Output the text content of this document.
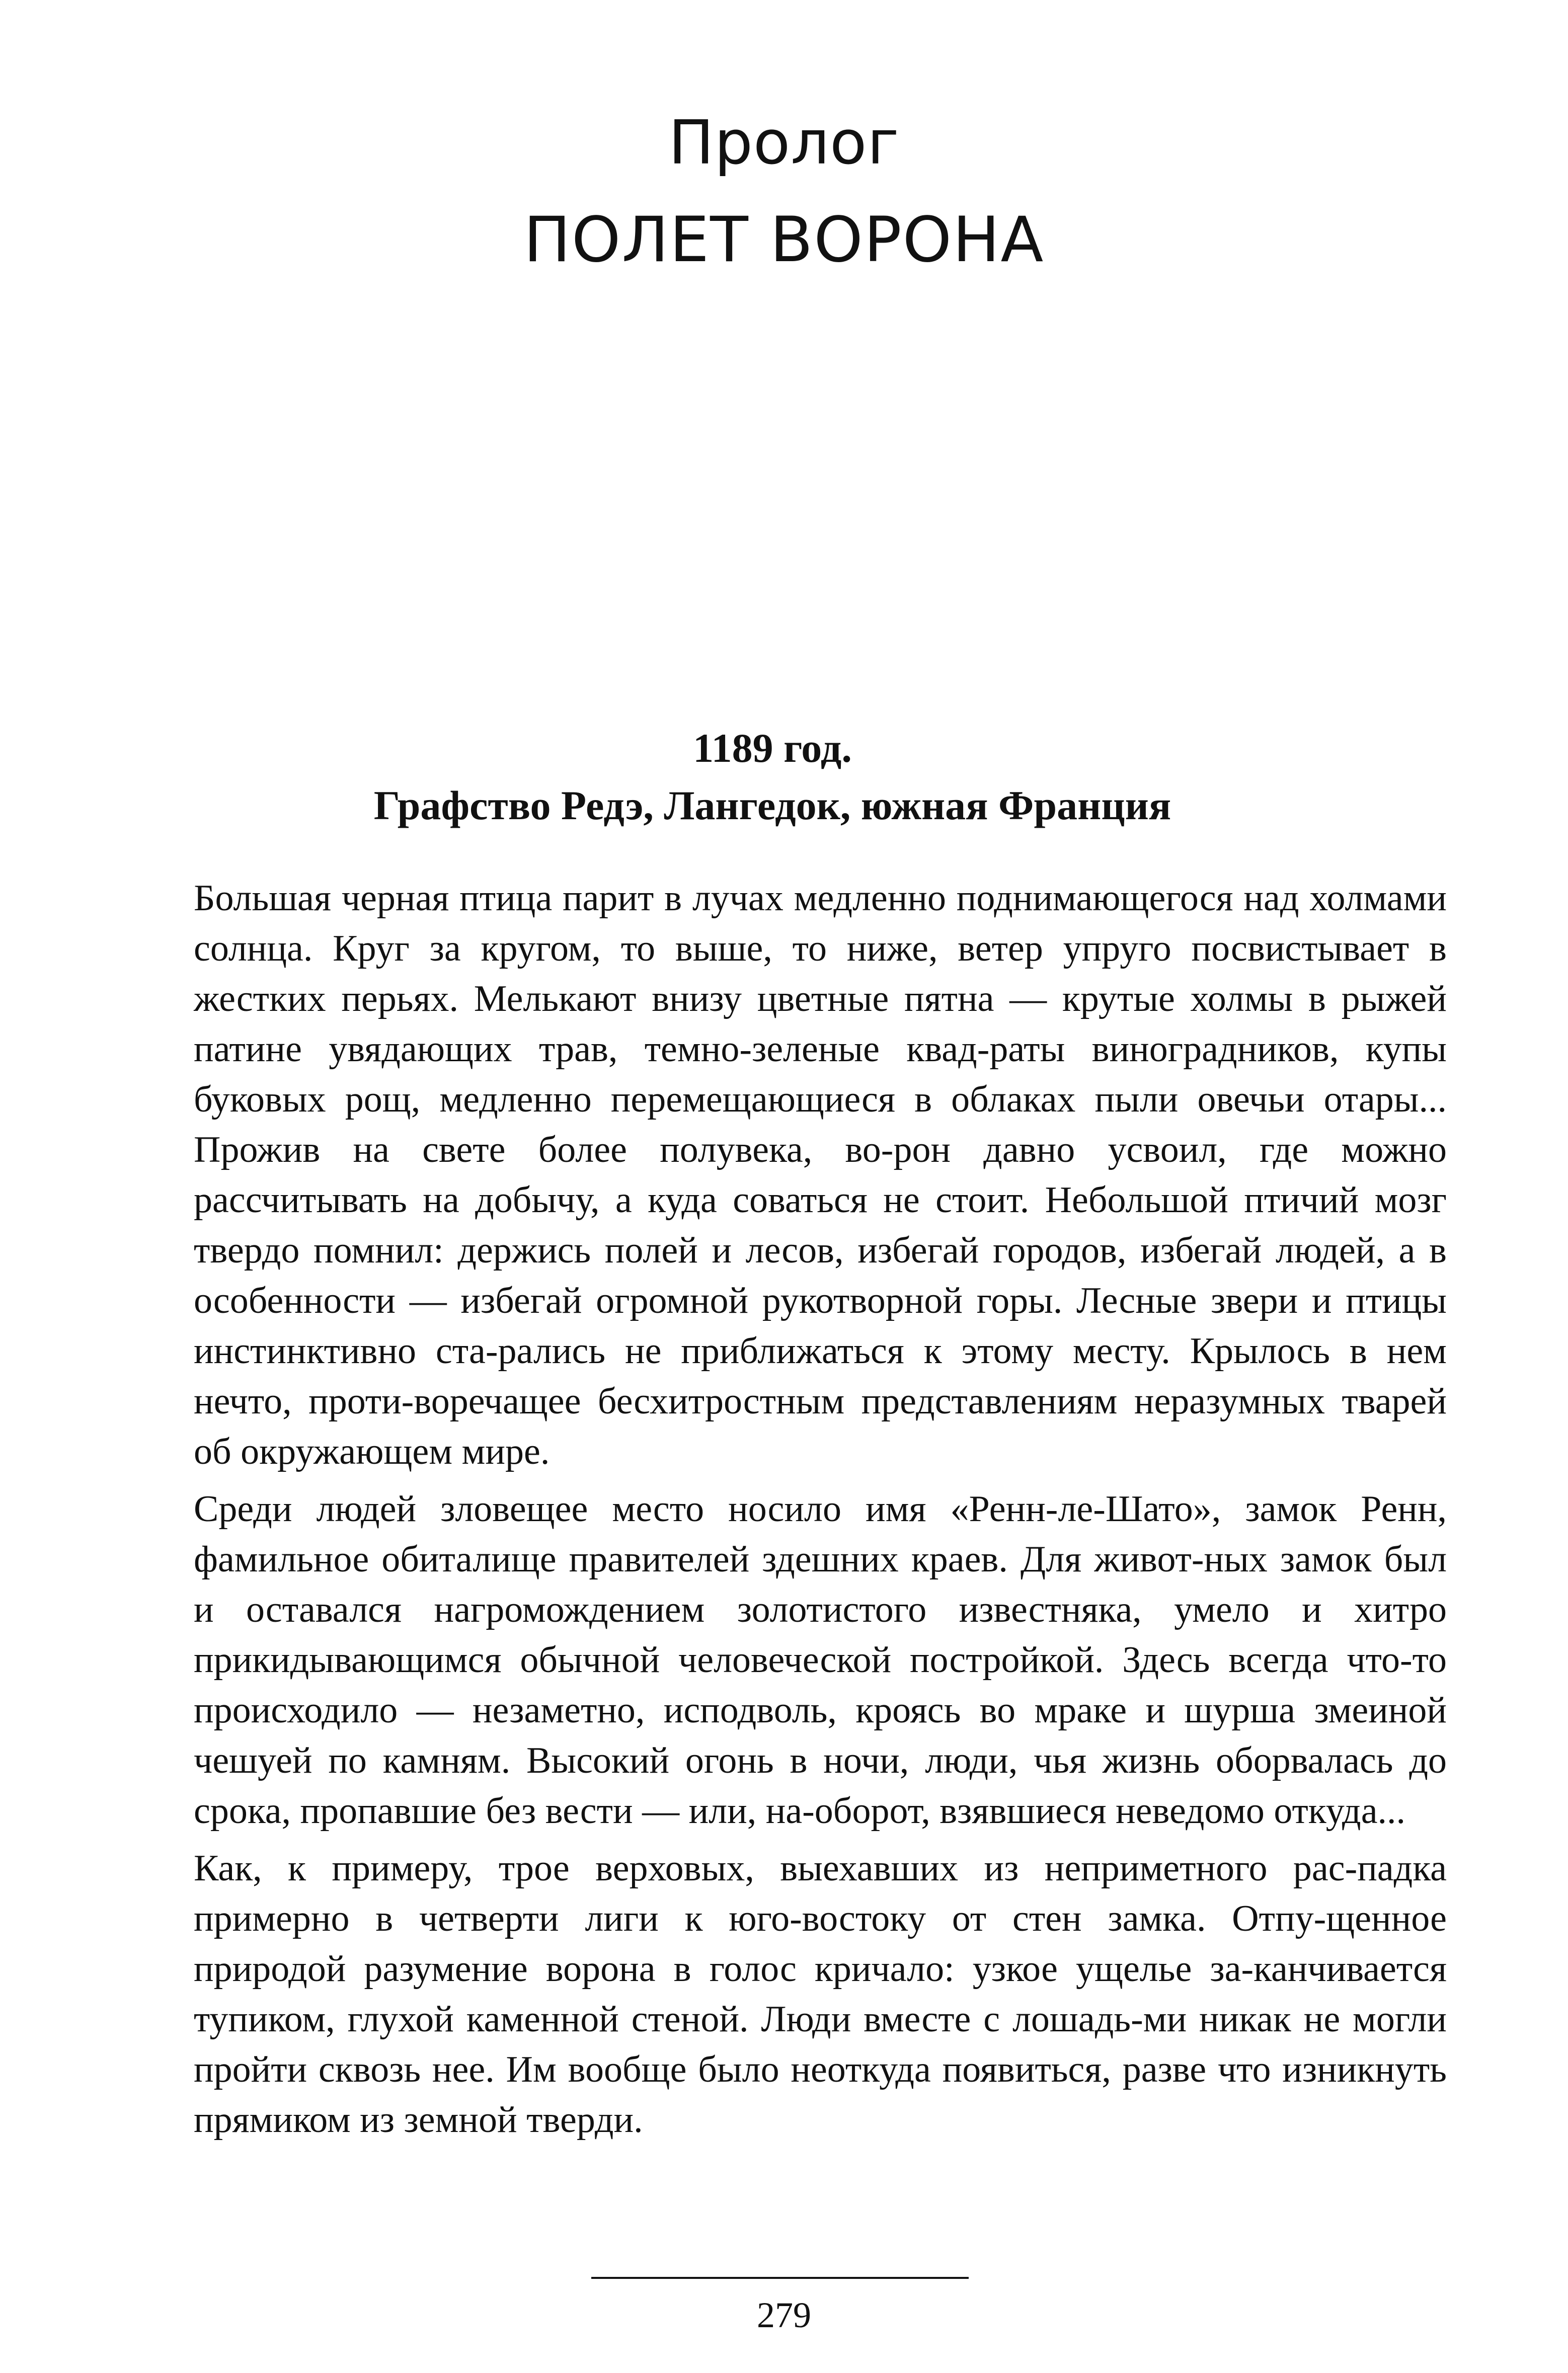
Пролог
ПОЛЕТ ВОРОНА
1189 год.
Графство Редэ, Лангедок, южная Франция

Большая черная птица парит в лучах медленно поднимающегося над холмами солнца. Круг за кругом, то выше, то ниже, ветер упруго посвистывает в жестких перьях. Мелькают внизу цветные пятна — крутые холмы в рыжей патине увядающих трав, темно-зеленые квад-раты виноградников, купы буковых рощ, медленно перемещающиеся в облаках пыли овечьи отары... Прожив на свете более полувека, во-рон давно усвоил, где можно рассчитывать на добычу, а куда соваться не стоит. Небольшой птичий мозг твердо помнил: держись полей и лесов, избегай городов, избегай людей, а в особенности — избегай огромной рукотворной горы. Лесные звери и птицы инстинктивно ста-рались не приближаться к этому месту. Крылось в нем нечто, проти-воречащее бесхитростным представлениям неразумных тварей об окружающем мире.

Среди людей зловещее место носило имя «Ренн-ле-Шато», замок Ренн, фамильное обиталище правителей здешних краев. Для живот-ных замок был и оставался нагромождением золотистого известняка, умело и хитро прикидывающимся обычной человеческой постройкой. Здесь всегда что-то происходило — незаметно, исподволь, кроясь во мраке и шурша змеиной чешуей по камням. Высокий огонь в ночи, люди, чья жизнь оборвалась до срока, пропавшие без вести — или, на-оборот, взявшиеся неведомо откуда...

Как, к примеру, трое верховых, выехавших из неприметного рас-падка примерно в четверти лиги к юго-востоку от стен замка. Отпу-щенное природой разумение ворона в голос кричало: узкое ущелье за-канчивается тупиком, глухой каменной стеной. Люди вместе с лошадь-ми никак не могли пройти сквозь нее. Им вообще было неоткуда появиться, разве что изникнуть прямиком из земной тверди.

279
